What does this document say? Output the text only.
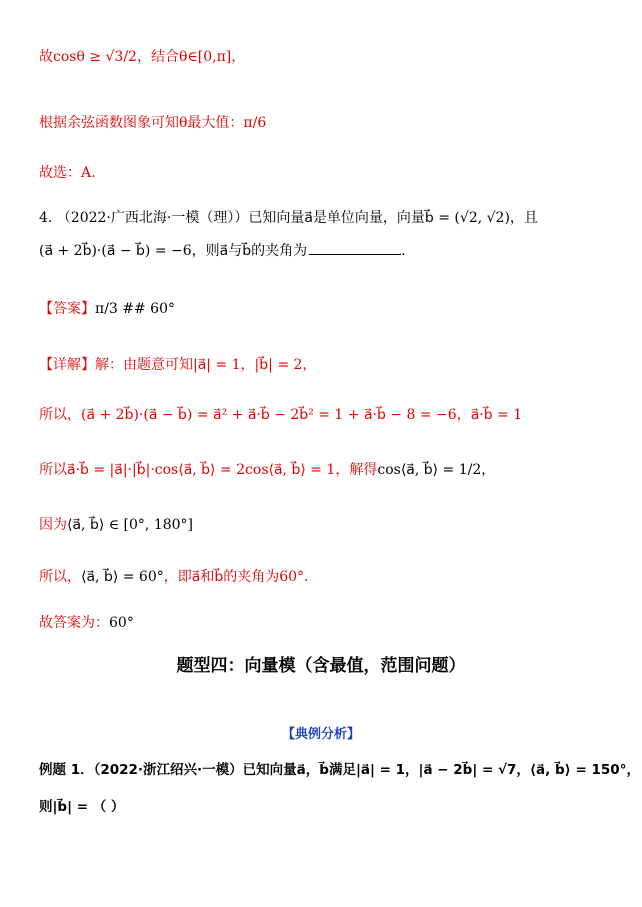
故cosθ ≥ √3/2，结合θ∈[0,π]，
根据余弦函数图象可知θ最大值：π/6
故选：A.
4. （2022·广西北海·一模（理））已知向量a⃗是单位向量，向量b⃗ = (√2, √2)，且
(a⃗ + 2b⃗)·(a⃗ − b⃗) = −6，则a⃗与b⃗的夹角为	.
【答案】π/3 ## 60°
【详解】解：由题意可知|a⃗| = 1，|b⃗| = 2，
所以，(a⃗ + 2b⃗)·(a⃗ − b⃗) = a⃗² + a⃗·b⃗ − 2b⃗² = 1 + a⃗·b⃗ − 8 = −6，a⃗·b⃗ = 1
所以a⃗·b⃗ = |a⃗|·|b⃗|·cos⟨a⃗, b⃗⟩ = 2cos⟨a⃗, b⃗⟩ = 1，解得cos⟨a⃗, b⃗⟩ = 1/2，
因为⟨a⃗, b⃗⟩ ∈ [0°, 180°]
所以，⟨a⃗, b⃗⟩ = 60°，即a⃗和b⃗的夹角为60°.
故答案为：60°
题型四：向量模（含最值，范围问题）
【典例分析】
例题 1．（2022·浙江绍兴·一模）已知向量a⃗，b⃗满足|a⃗| = 1，|a⃗ − 2b⃗| = √7，⟨a⃗, b⃗⟩ = 150°，
则|b⃗| = （ ）
